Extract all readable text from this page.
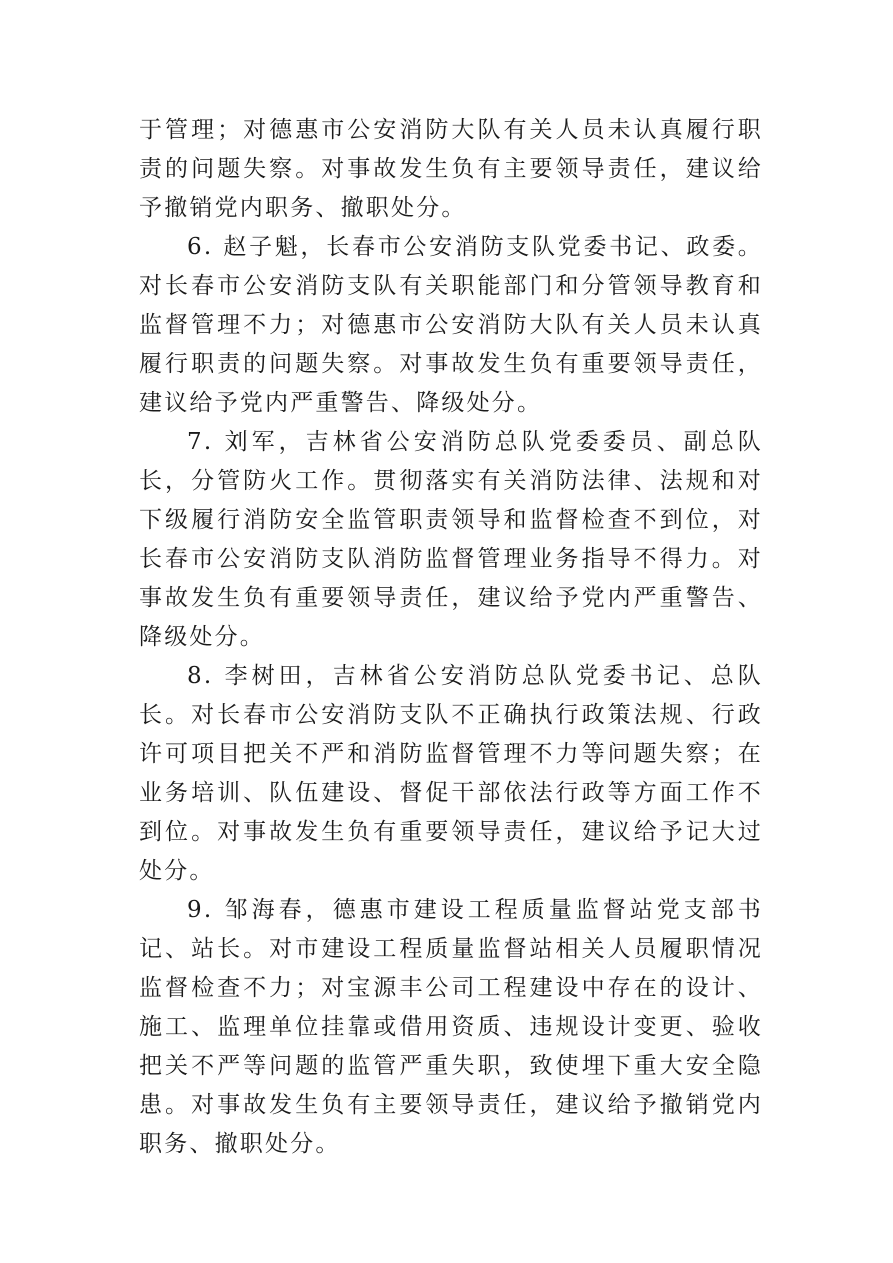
于管理；对德惠市公安消防大队有关人员未认真履行职责的问题失察。对事故发生负有主要领导责任，建议给予撤销党内职务、撤职处分。

6. 赵子魁，长春市公安消防支队党委书记、政委。对长春市公安消防支队有关职能部门和分管领导教育和监督管理不力；对德惠市公安消防大队有关人员未认真履行职责的问题失察。对事故发生负有重要领导责任，建议给予党内严重警告、降级处分。

7. 刘军，吉林省公安消防总队党委委员、副总队长，分管防火工作。贯彻落实有关消防法律、法规和对下级履行消防安全监管职责领导和监督检查不到位，对长春市公安消防支队消防监督管理业务指导不得力。对事故发生负有重要领导责任，建议给予党内严重警告、降级处分。

8. 李树田，吉林省公安消防总队党委书记、总队长。对长春市公安消防支队不正确执行政策法规、行政许可项目把关不严和消防监督管理不力等问题失察；在业务培训、队伍建设、督促干部依法行政等方面工作不到位。对事故发生负有重要领导责任，建议给予记大过处分。

9. 邹海春，德惠市建设工程质量监督站党支部书记、站长。对市建设工程质量监督站相关人员履职情况监督检查不力；对宝源丰公司工程建设中存在的设计、施工、监理单位挂靠或借用资质、违规设计变更、验收把关不严等问题的监管严重失职，致使埋下重大安全隐患。对事故发生负有主要领导责任，建议给予撤销党内职务、撤职处分。
